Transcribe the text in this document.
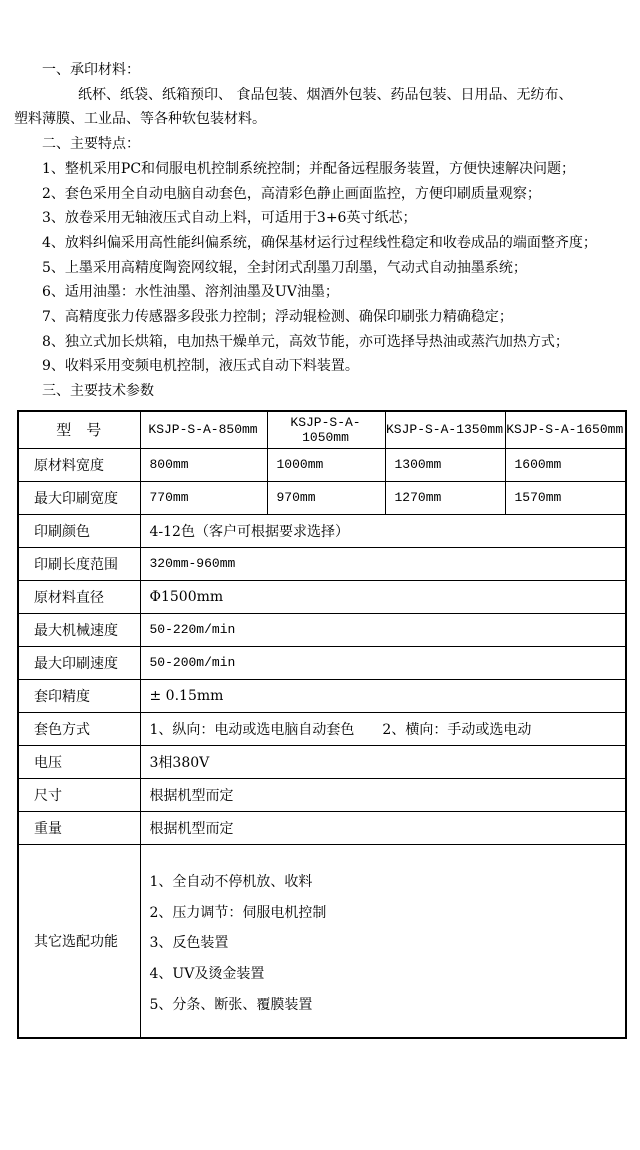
一、承印材料：
纸杯、纸袋、纸箱预印、 食品包装、烟酒外包装、药品包装、日用品、无纺布、
塑料薄膜、工业品、等各种软包装材料。
二、主要特点：
1、整机采用PC和伺服电机控制系统控制；并配备远程服务装置，方便快速解决问题；
2、套色采用全自动电脑自动套色，高清彩色静止画面监控，方便印刷质量观察；
3、放卷采用无轴液压式自动上料，可适用于3+6英寸纸芯；
4、放料纠偏采用高性能纠偏系统，确保基材运行过程线性稳定和收卷成品的端面整齐度；
5、上墨采用高精度陶瓷网纹辊，全封闭式刮墨刀刮墨，气动式自动抽墨系统；
6、适用油墨：水性油墨、溶剂油墨及UV油墨；
7、高精度张力传感器多段张力控制；浮动辊检测、确保印刷张力精确稳定；
8、独立式加长烘箱，电加热干燥单元，高效节能，亦可选择导热油或蒸汽加热方式；
9、收料采用变频电机控制，液压式自动下料装置。
三、主要技术参数
型　号	KSJP-S-A-850mm	KSJP-S-A-1050mm	KSJP-S-A-1350mm	KSJP-S-A-1650mm
原材料宽度	800mm	1000mm	1300mm	1600mm
最大印刷宽度	770mm	970mm	1270mm	1570mm
印刷颜色	4-12色（客户可根据要求选择）			
印刷长度范围	320mm-960mm			
原材料直径	Φ1500mm			
最大机械速度	50-220m/min			
最大印刷速度	50-200m/min			
套印精度	± 0.15mm			
套色方式	1、纵向：电动或选电脑自动套色　　2、横向：手动或选电动			
电压	3相380V			
尺寸	根据机型而定			
重量	根据机型而定			
其它选配功能	1、全自动不停机放、收料
2、压力调节：伺服电机控制
3、反色装置
4、UV及烫金装置
5、分条、断张、覆膜装置			
